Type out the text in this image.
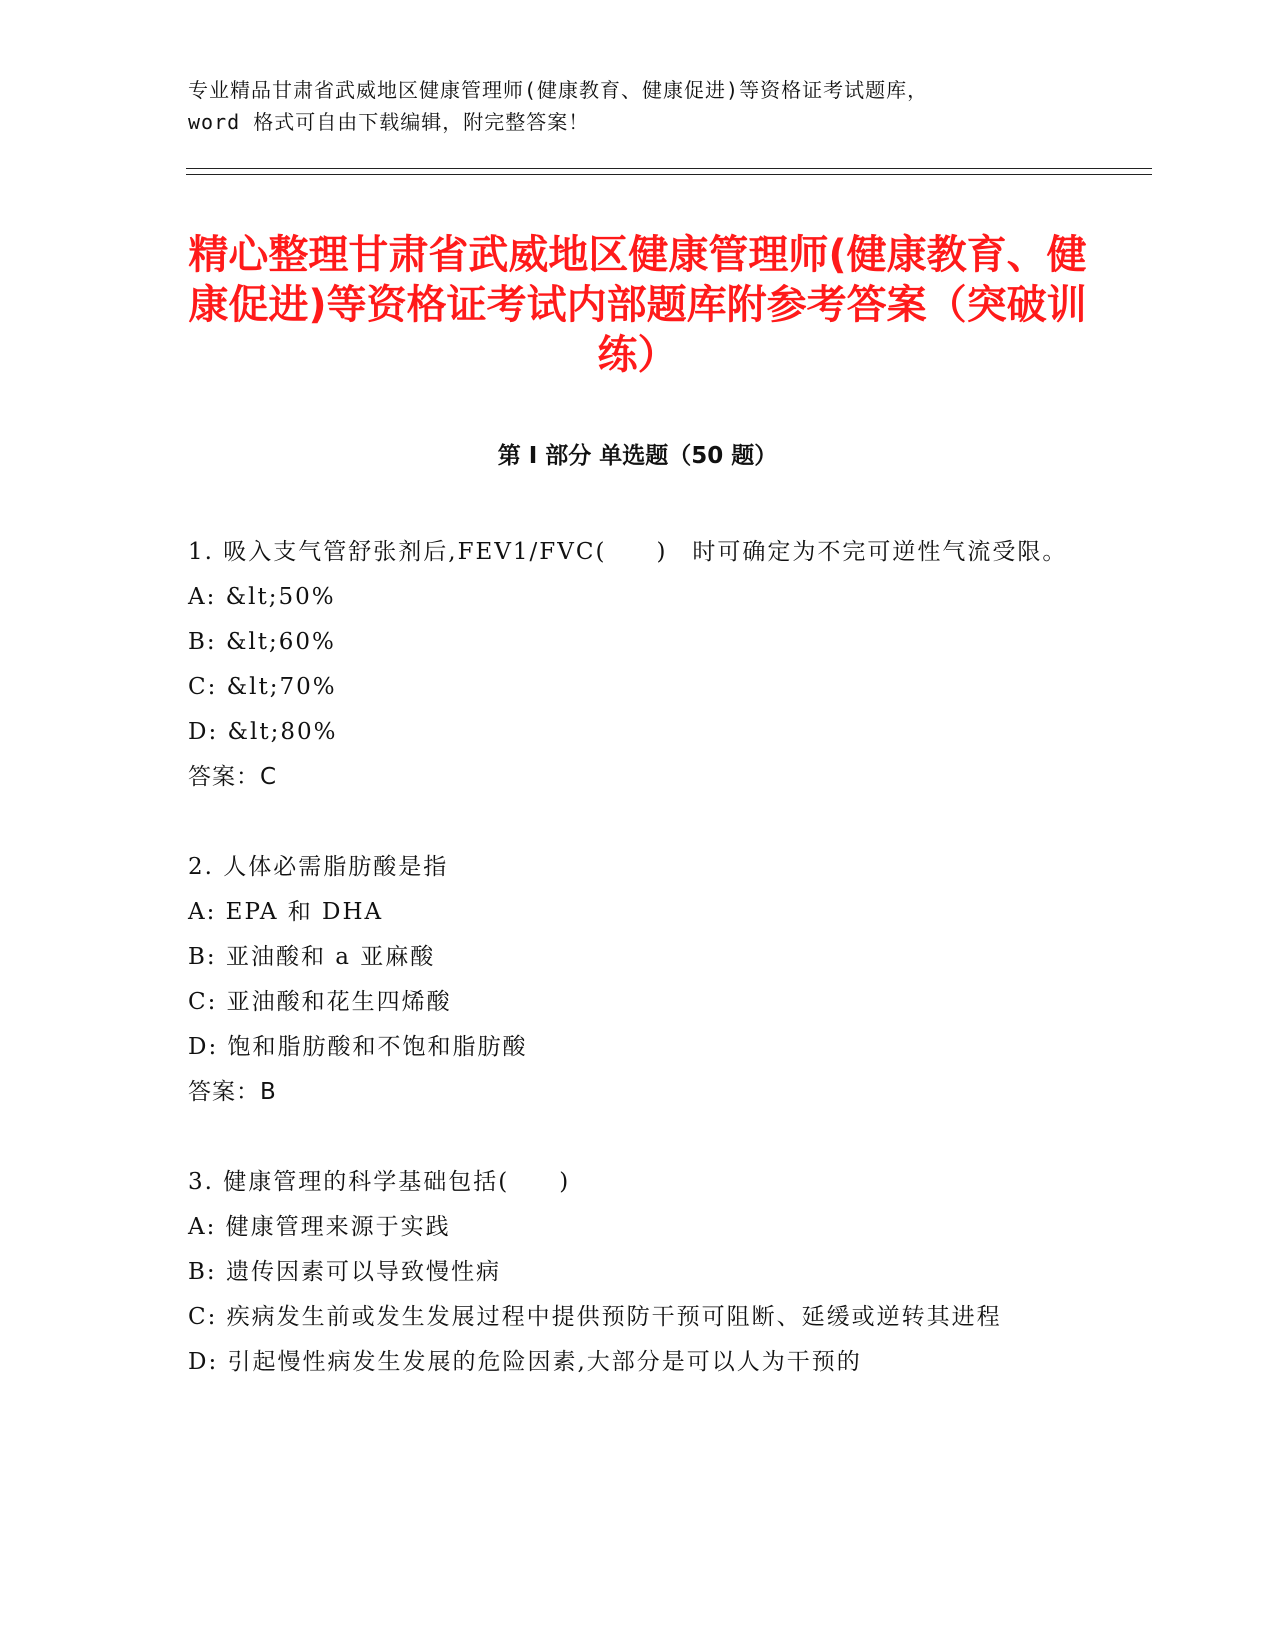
专业精品甘肃省武威地区健康管理师(健康教育、健康促进)等资格证考试题库，
word 格式可自由下载编辑，附完整答案！
精心整理甘肃省武威地区健康管理师(健康教育、健康促进)等资格证考试内部题库附参考答案（突破训练）
第 I 部分 单选题（50 题）

1. 吸入支气管舒张剂后,FEV1/FVC(　　)　时可确定为不完可逆性气流受限。

A: &lt;50%

B: &lt;60%

C: &lt;70%

D: &lt;80%

答案：C

2. 人体必需脂肪酸是指

A: EPA 和 DHA

B: 亚油酸和 a 亚麻酸

C: 亚油酸和花生四烯酸

D: 饱和脂肪酸和不饱和脂肪酸

答案：B

3. 健康管理的科学基础包括(　　)

A: 健康管理来源于实践

B: 遗传因素可以导致慢性病

C: 疾病发生前或发生发展过程中提供预防干预可阻断、延缓或逆转其进程

D: 引起慢性病发生发展的危险因素,大部分是可以人为干预的
